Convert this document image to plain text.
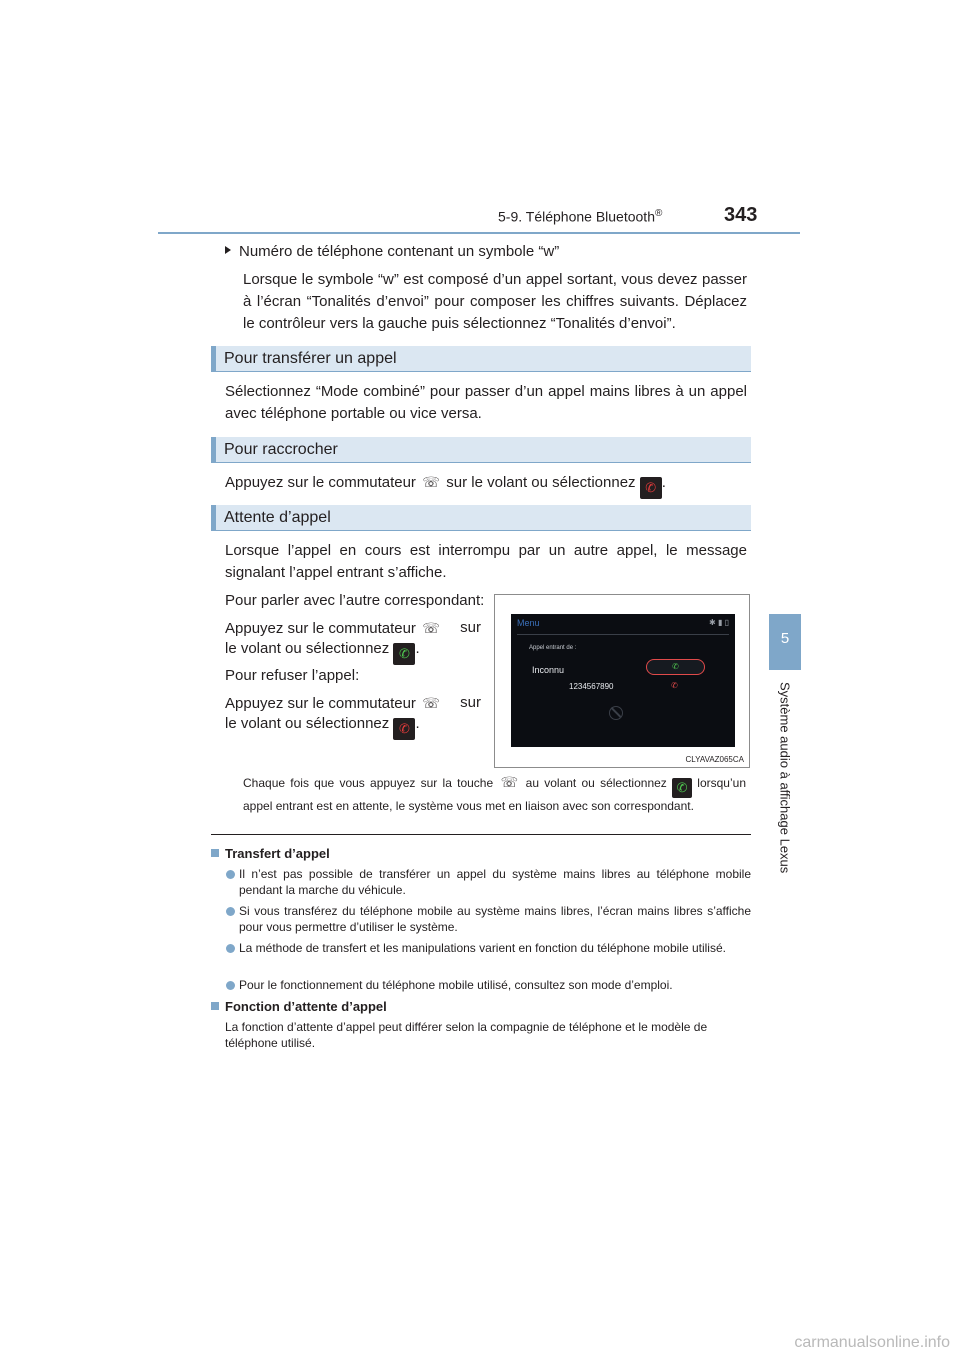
5-9. Téléphone Bluetooth®	343
5
Système audio à affichage Lexus
Numéro de téléphone contenant un symbole “w”
Lorsque le symbole “w” est composé d’un appel sortant, vous devez passer à l’écran “Tonalités d’envoi” pour composer les chiffres suivants. Déplacez le contrôleur vers la gauche puis sélectionnez “Tonalités d’envoi”.
Pour transférer un appel
Sélectionnez “Mode combiné” pour passer d’un appel mains libres à un appel avec téléphone portable ou vice versa.
Pour raccrocher
Appuyez sur le commutateur ☏ sur le volant ou sélectionnez ✆ .
Attente d’appel
Lorsque l’appel en cours est interrompu par un autre appel, le message signalant l’appel entrant s’affiche.
Pour parler avec l’autre correspondant:
Appuyez sur le commutateur ☏ sur
le volant ou sélectionnez ✆ .
Pour refuser l’appel:
Appuyez sur le commutateur ☏ sur
le volant ou sélectionnez ✆ .
Menu	✱ ▮ ▯
Appel entrant de :
Inconnu
1234567890
✆
✆
CLYAVAZ065CA
Chaque fois que vous appuyez sur la touche ☏ au volant ou sélectionnez ✆ lorsqu’un appel entrant est en attente, le système vous met en liaison avec son correspondant.
Transfert d’appel
Il n’est pas possible de transférer un appel du système mains libres au téléphone mobile pendant la marche du véhicule.
Si vous transférez du téléphone mobile au système mains libres, l’écran mains libres s’affiche pour vous permettre d’utiliser le système.
La méthode de transfert et les manipulations varient en fonction du téléphone mobile utilisé.
Pour le fonctionnement du téléphone mobile utilisé, consultez son mode d’emploi.
Fonction d’attente d’appel
La fonction d’attente d’appel peut différer selon la compagnie de téléphone et le modèle de téléphone utilisé.
carmanualsonline.info
